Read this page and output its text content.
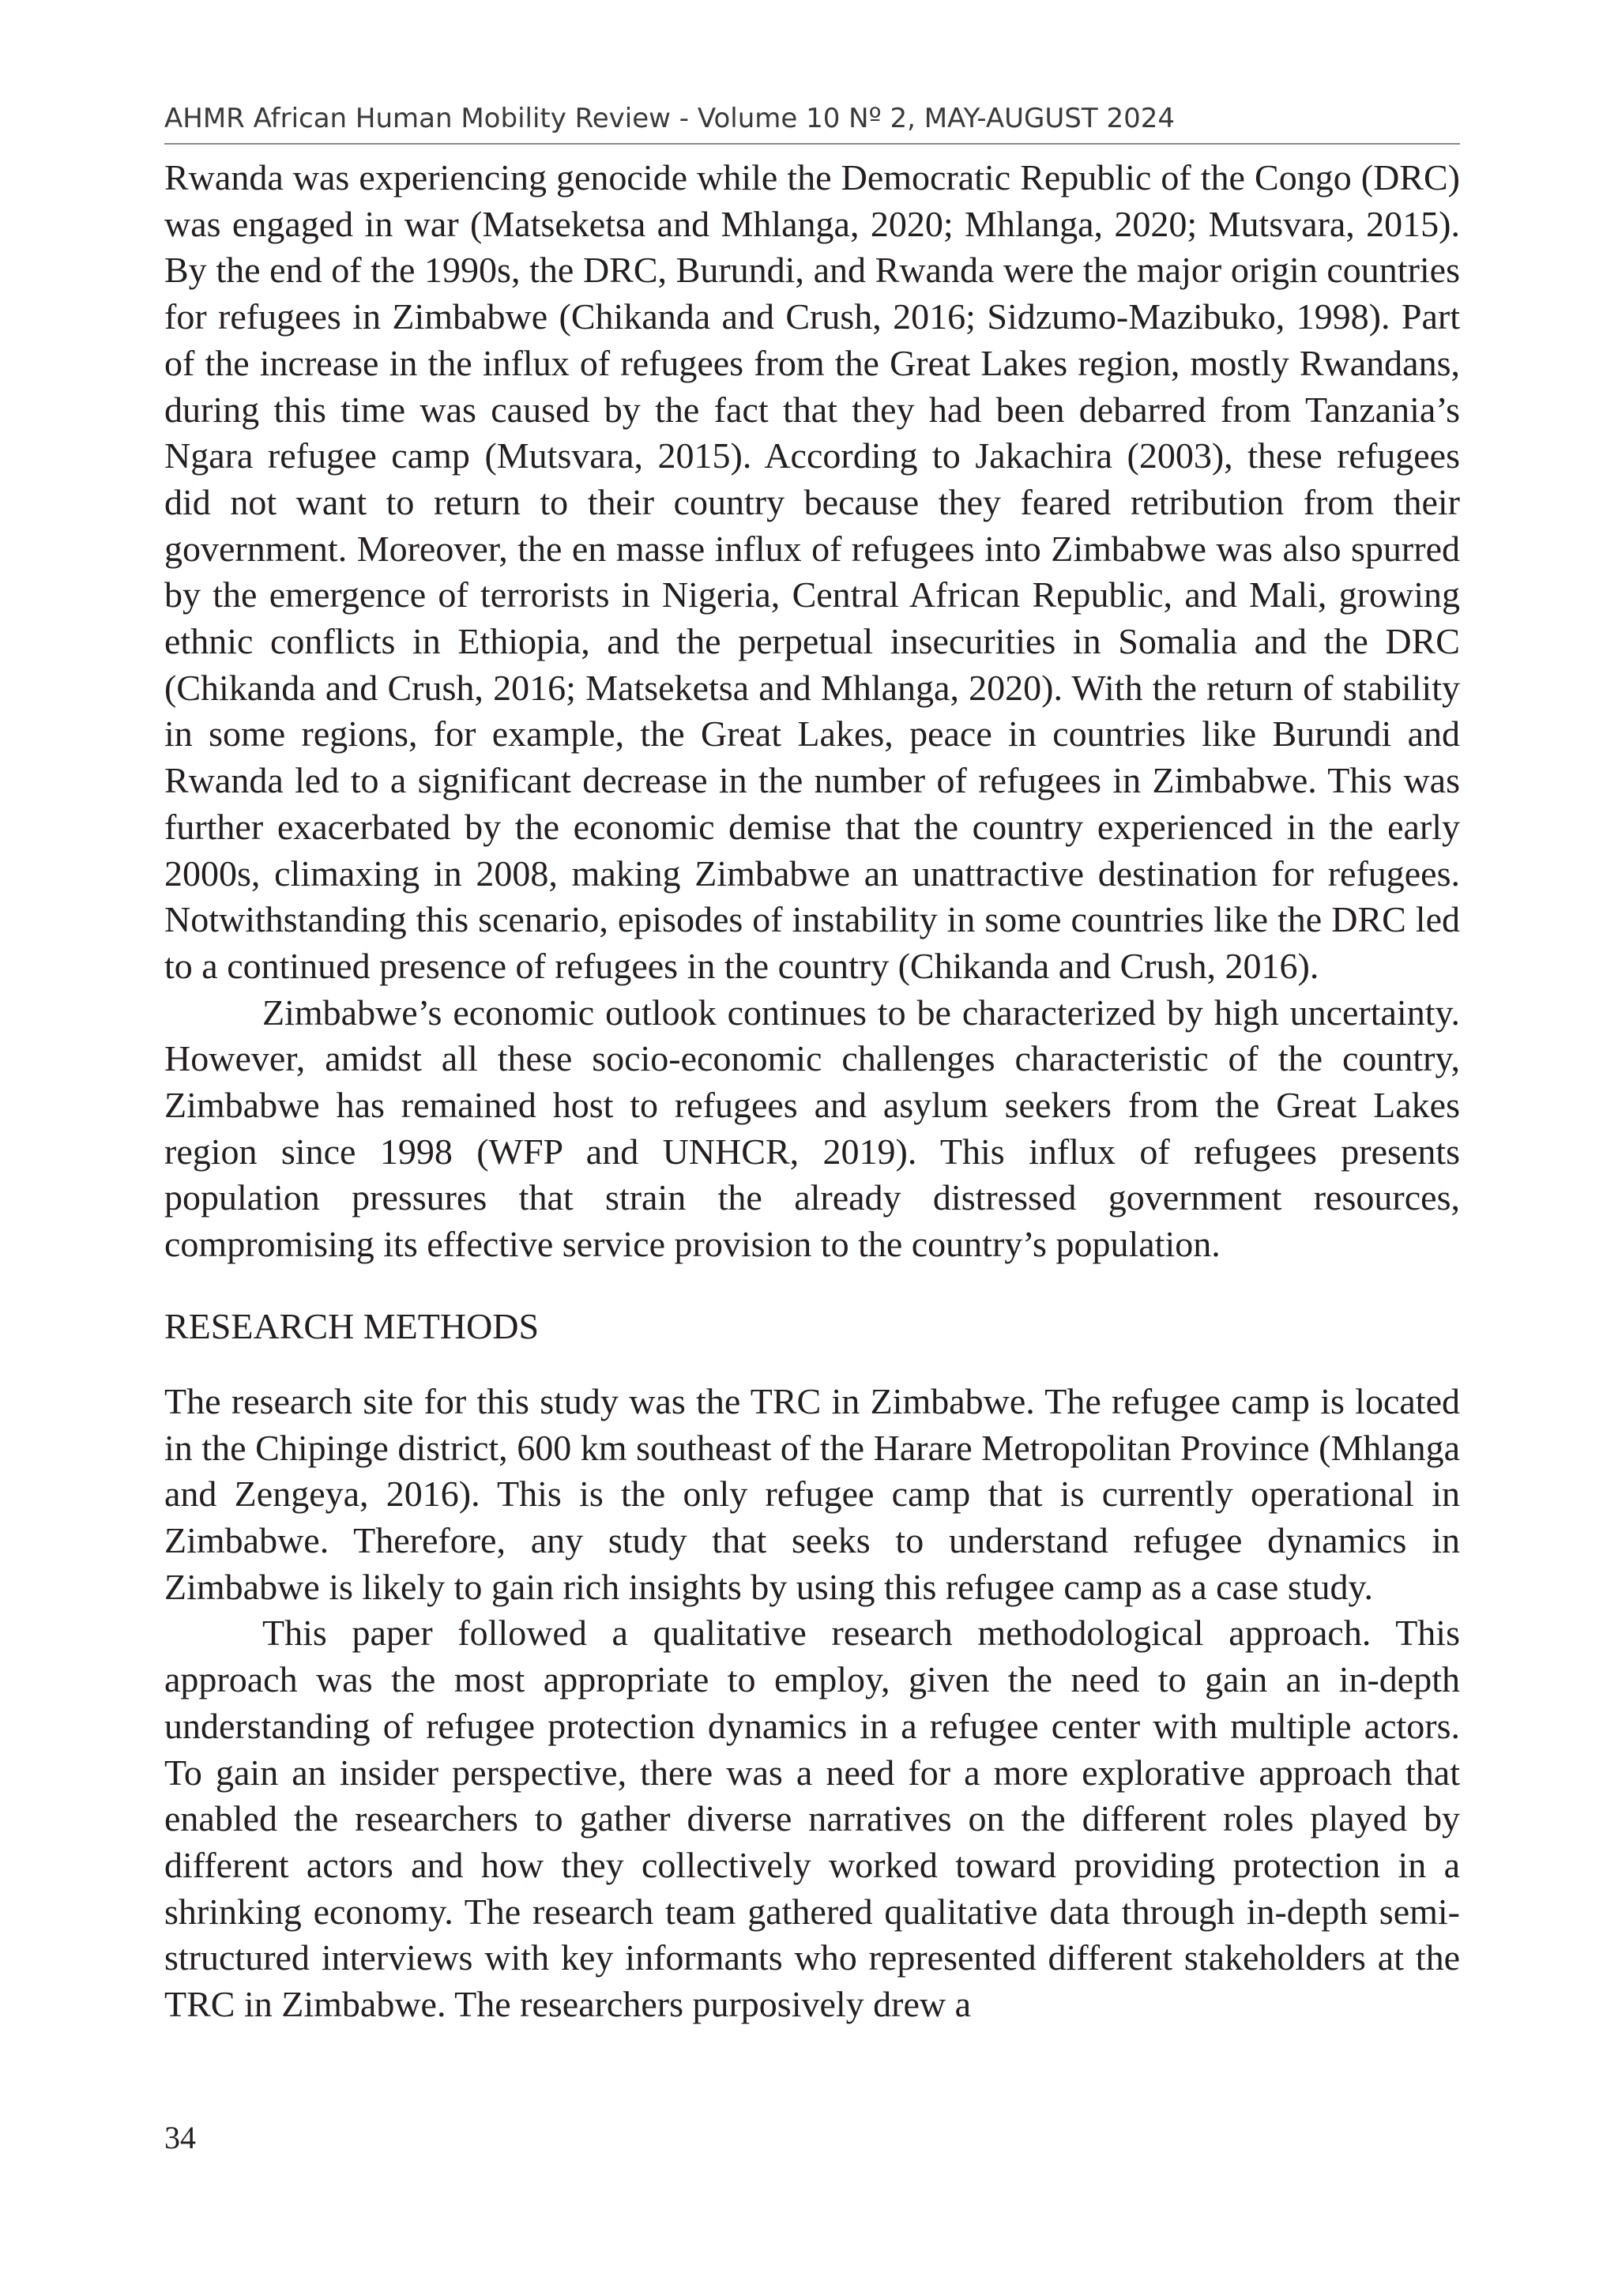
AHMR African Human Mobility Review - Volume 10 Nº 2, MAY-AUGUST 2024

Rwanda was experiencing genocide while the Democratic Republic of the Congo (DRC) was engaged in war (Matseketsa and Mhlanga, 2020; Mhlanga, 2020; Mutsvara, 2015). By the end of the 1990s, the DRC, Burundi, and Rwanda were the major origin countries for refugees in Zimbabwe (Chikanda and Crush, 2016; Sidzumo-Mazibuko, 1998). Part of the increase in the influx of refugees from the Great Lakes region, mostly Rwandans, during this time was caused by the fact that they had been debarred from Tanzania’s Ngara refugee camp (Mutsvara, 2015). According to Jakachira (2003), these refugees did not want to return to their country because they feared retribution from their government. Moreover, the en masse influx of refugees into Zimbabwe was also spurred by the emergence of terrorists in Nigeria, Central African Republic, and Mali, growing ethnic conflicts in Ethiopia, and the perpetual insecurities in Somalia and the DRC (Chikanda and Crush, 2016; Matseketsa and Mhlanga, 2020). With the return of stability in some regions, for example, the Great Lakes, peace in countries like Burundi and Rwanda led to a significant decrease in the number of refugees in Zimbabwe. This was further exacerbated by the economic demise that the country experienced in the early 2000s, climaxing in 2008, making Zimbabwe an unattractive destination for refugees. Notwithstanding this scenario, episodes of instability in some countries like the DRC led to a continued presence of refugees in the country (Chikanda and Crush, 2016).

Zimbabwe’s economic outlook continues to be characterized by high uncertainty. However, amidst all these socio-economic challenges characteristic of the country, Zimbabwe has remained host to refugees and asylum seekers from the Great Lakes region since 1998 (WFP and UNHCR, 2019). This influx of refugees presents population pressures that strain the already distressed government resources, compromising its effective service provision to the country’s population.

RESEARCH METHODS

The research site for this study was the TRC in Zimbabwe. The refugee camp is located in the Chipinge district, 600 km southeast of the Harare Metropolitan Province (Mhlanga and Zengeya, 2016). This is the only refugee camp that is currently operational in Zimbabwe. Therefore, any study that seeks to understand refugee dynamics in Zimbabwe is likely to gain rich insights by using this refugee camp as a case study.

This paper followed a qualitative research methodological approach. This approach was the most appropriate to employ, given the need to gain an in-depth understanding of refugee protection dynamics in a refugee center with multiple actors. To gain an insider perspective, there was a need for a more explorative approach that enabled the researchers to gather diverse narratives on the different roles played by different actors and how they collectively worked toward providing protection in a shrinking economy. The research team gathered qualitative data through in-depth semi-structured interviews with key informants who represented different stakeholders at the TRC in Zimbabwe. The researchers purposively drew a

34
